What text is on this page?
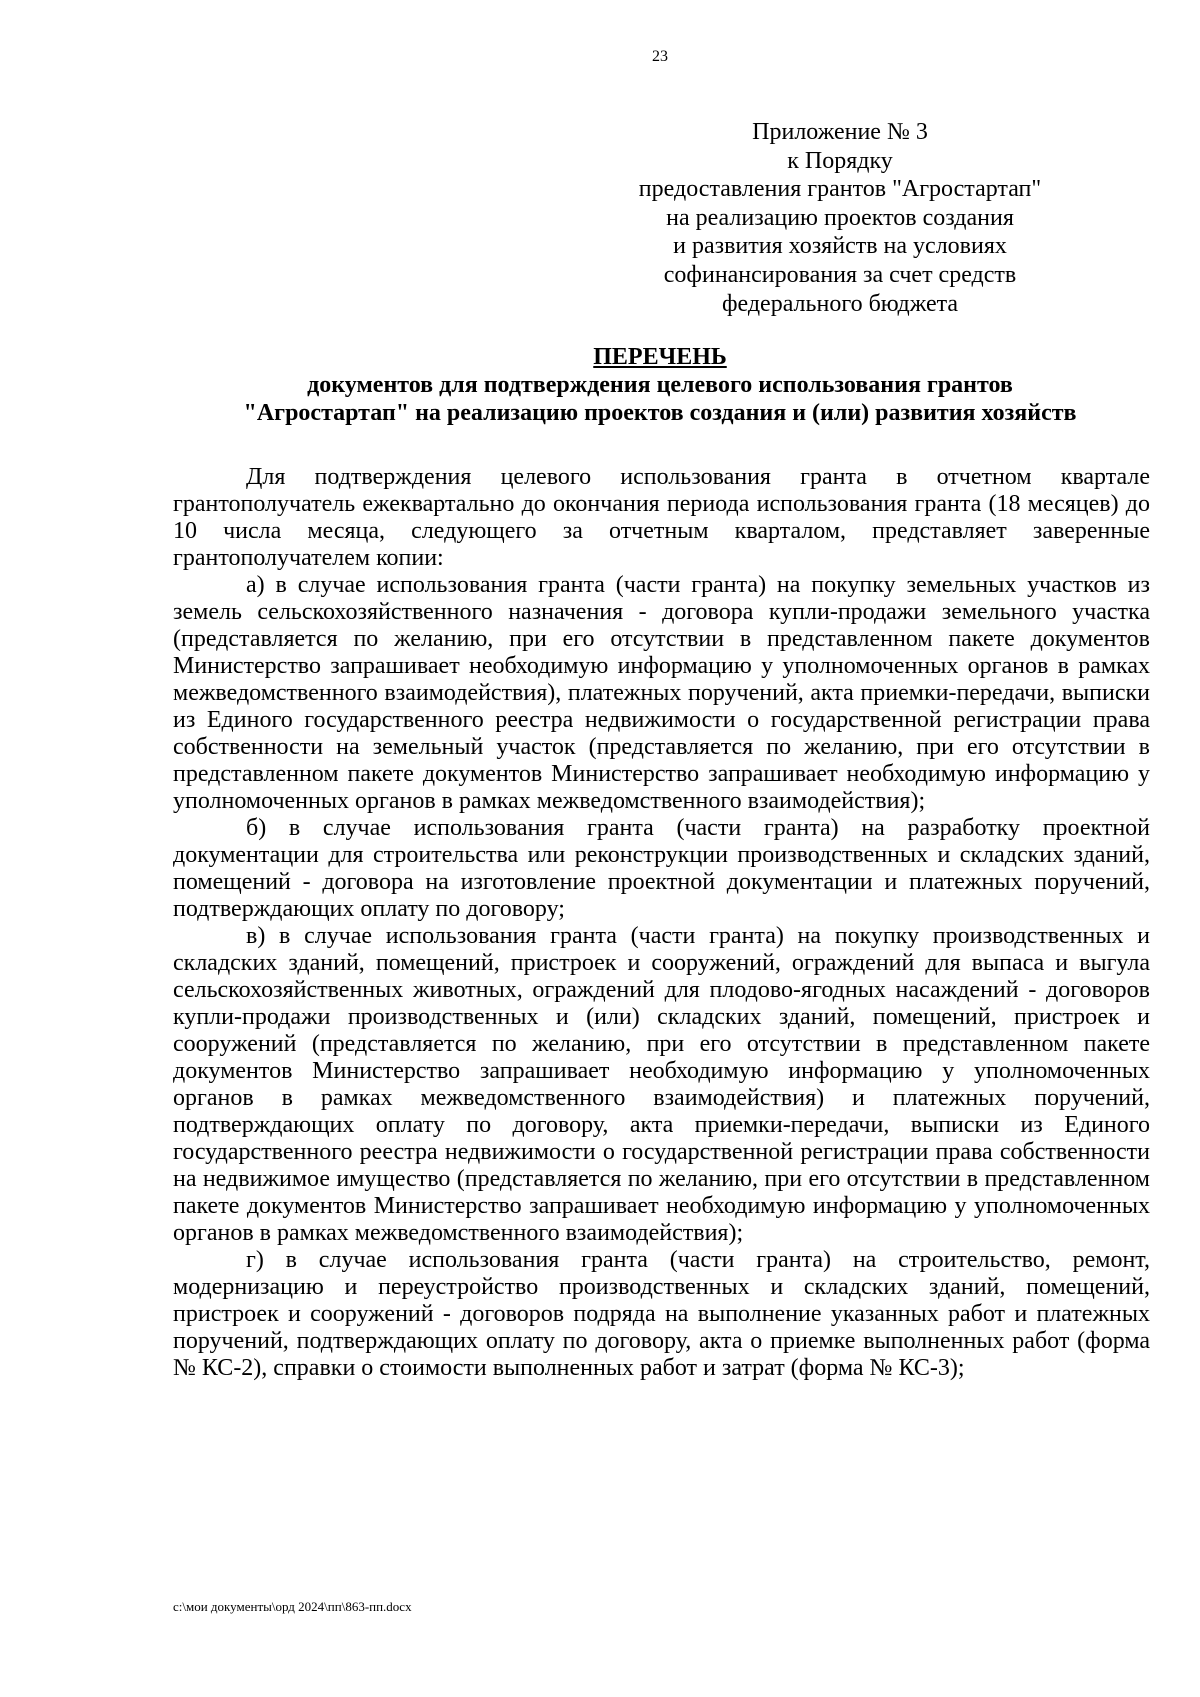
23
Приложение № 3
к Порядку
предоставления грантов "Агростартап"
на реализацию проектов создания
и развития хозяйств на условиях
софинансирования за счет средств
федерального бюджета
ПЕРЕЧЕНЬ
документов для подтверждения целевого использования грантов
"Агростартап" на реализацию проектов создания и (или) развития хозяйств

Для подтверждения целевого использования гранта в отчетном квартале грантополучатель ежеквартально до окончания периода использования гранта (18 месяцев) до 10 числа месяца, следующего за отчетным кварталом, представляет заверенные грантополучателем копии:

а) в случае использования гранта (части гранта) на покупку земельных участков из земель сельскохозяйственного назначения - договора купли-продажи земельного участка (представляется по желанию, при его отсутствии в представленном пакете документов Министерство запрашивает необходимую информацию у уполномоченных органов в рамках межведомственного взаимодействия), платежных поручений, акта приемки-передачи, выписки из Единого государственного реестра недвижимости о государственной регистрации права собственности на земельный участок (представляется по желанию, при его отсутствии в представленном пакете документов Министерство запрашивает необходимую информацию у уполномоченных органов в рамках межведомственного взаимодействия);

б) в случае использования гранта (части гранта) на разработку проектной документации для строительства или реконструкции производственных и складских зданий, помещений - договора на изготовление проектной документации и платежных поручений, подтверждающих оплату по договору;

в) в случае использования гранта (части гранта) на покупку производственных и складских зданий, помещений, пристроек и сооружений, ограждений для выпаса и выгула сельскохозяйственных животных, ограждений для плодово-ягодных насаждений - договоров купли-продажи производственных и (или) складских зданий, помещений, пристроек и сооружений (представляется по желанию, при его отсутствии в представленном пакете документов Министерство запрашивает необходимую информацию у уполномоченных органов в рамках межведомственного взаимодействия) и платежных поручений, подтверждающих оплату по договору, акта приемки-передачи, выписки из Единого государственного реестра недвижимости о государственной регистрации права собственности на недвижимое имущество (представляется по желанию, при его отсутствии в представленном пакете документов Министерство запрашивает необходимую информацию у уполномоченных органов в рамках межведомственного взаимодействия);

г) в случае использования гранта (части гранта) на строительство, ремонт, модернизацию и переустройство производственных и складских зданий, помещений, пристроек и сооружений - договоров подряда на выполнение указанных работ и платежных поручений, подтверждающих оплату по договору, акта о приемке выполненных работ (форма № КС-2), справки о стоимости выполненных работ и затрат (форма № КС-3);

c:\мои документы\орд 2024\пп\863-пп.docx
